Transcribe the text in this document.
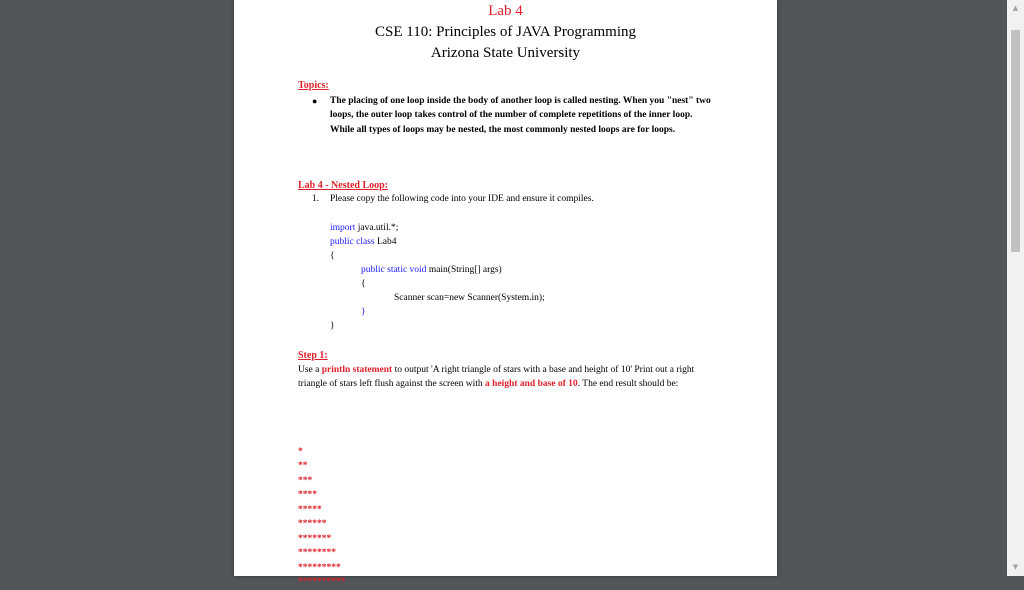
Lab 4
CSE 110: Principles of JAVA Programming
Arizona State University
Topics:
● The placing of one loop inside the body of another loop is called nesting. When you "nest" two loops, the outer loop takes control of the number of complete repetitions of the inner loop. While all types of loops may be nested, the most commonly nested loops are for loops.
Lab 4 - Nested Loop:
1. Please copy the following code into your IDE and ensure it compiles.
import java.util.*;
public class Lab4
{
public static void main(String[] args)
{
Scanner scan=new Scanner(System.in);
}
}
Step 1:
Use a println statement to output 'A right triangle of stars with a base and height of 10' Print out a right triangle of stars left flush against the screen with a height and base of 10. The end result should be:

*
**
***
****
*****
******
*******
********
*********
**********
▲
▼
